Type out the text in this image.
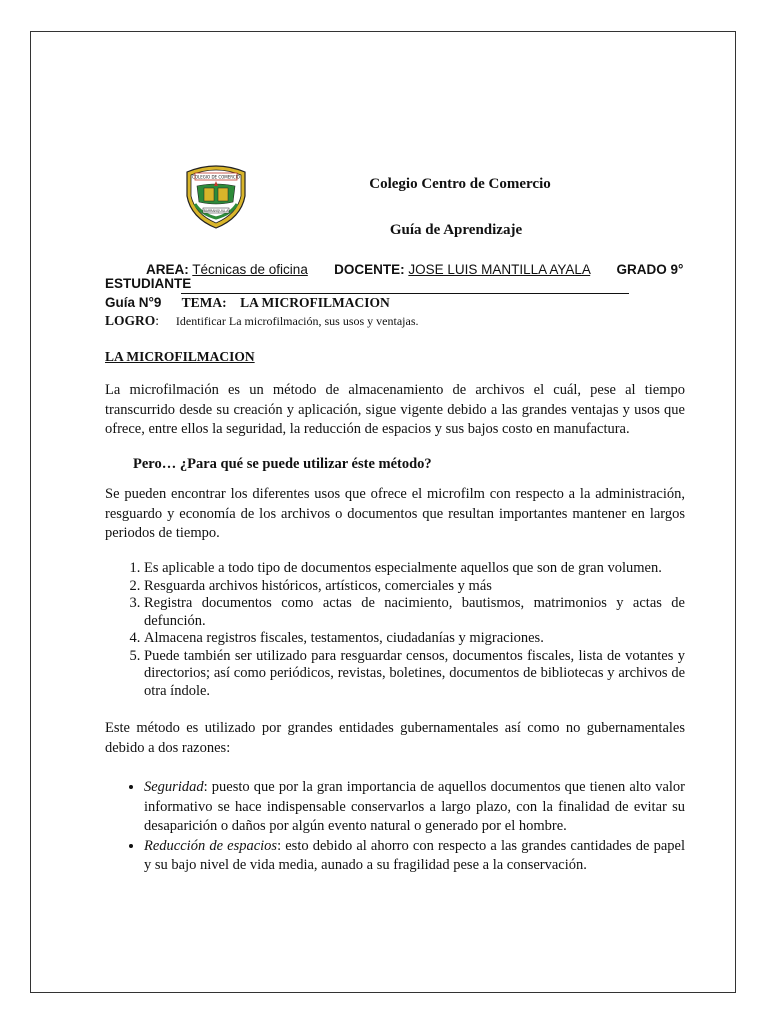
COLEGIO DE COMERCIO
BARRANQUILLA
Colegio Centro de Comercio
Guía de Aprendizaje
AREA: Técnicas de oficina DOCENTE: JOSE LUIS MANTILLA AYALA GRADO 9°
ESTUDIANTE
Guía N°9 TEMA: LA MICROFILMACION
LOGRO: Identificar La microfilmación, sus usos y ventajas.
LA MICROFILMACION

La microfilmación es un método de almacenamiento de archivos el cuál, pese al tiempo transcurrido desde su creación y aplicación, sigue vigente debido a las grandes ventajas y usos que ofrece, entre ellos la seguridad, la reducción de espacios y sus bajos costo en manufactura.

Pero… ¿Para qué se puede utilizar éste método?

Se pueden encontrar los diferentes usos que ofrece el microfilm con respecto a la administración, resguardo y economía de los archivos o documentos que resultan importantes mantener en largos periodos de tiempo.

1. Es aplicable a todo tipo de documentos especialmente aquellos que son de gran volumen.
2. Resguarda archivos históricos, artísticos, comerciales y más
3. Registra documentos como actas de nacimiento, bautismos, matrimonios y actas de defunción.
4. Almacena registros fiscales, testamentos, ciudadanías y migraciones.
5. Puede también ser utilizado para resguardar censos, documentos fiscales, lista de votantes y directorios; así como periódicos, revistas, boletines, documentos de bibliotecas y archivos de otra índole.

Este método es utilizado por grandes entidades gubernamentales así como no gubernamentales debido a dos razones:

• Seguridad: puesto que por la gran importancia de aquellos documentos que tienen alto valor informativo se hace indispensable conservarlos a largo plazo, con la finalidad de evitar su desaparición o daños por algún evento natural o generado por el hombre.
• Reducción de espacios: esto debido al ahorro con respecto a las grandes cantidades de papel y su bajo nivel de vida media, aunado a su fragilidad pese a la conservación.
